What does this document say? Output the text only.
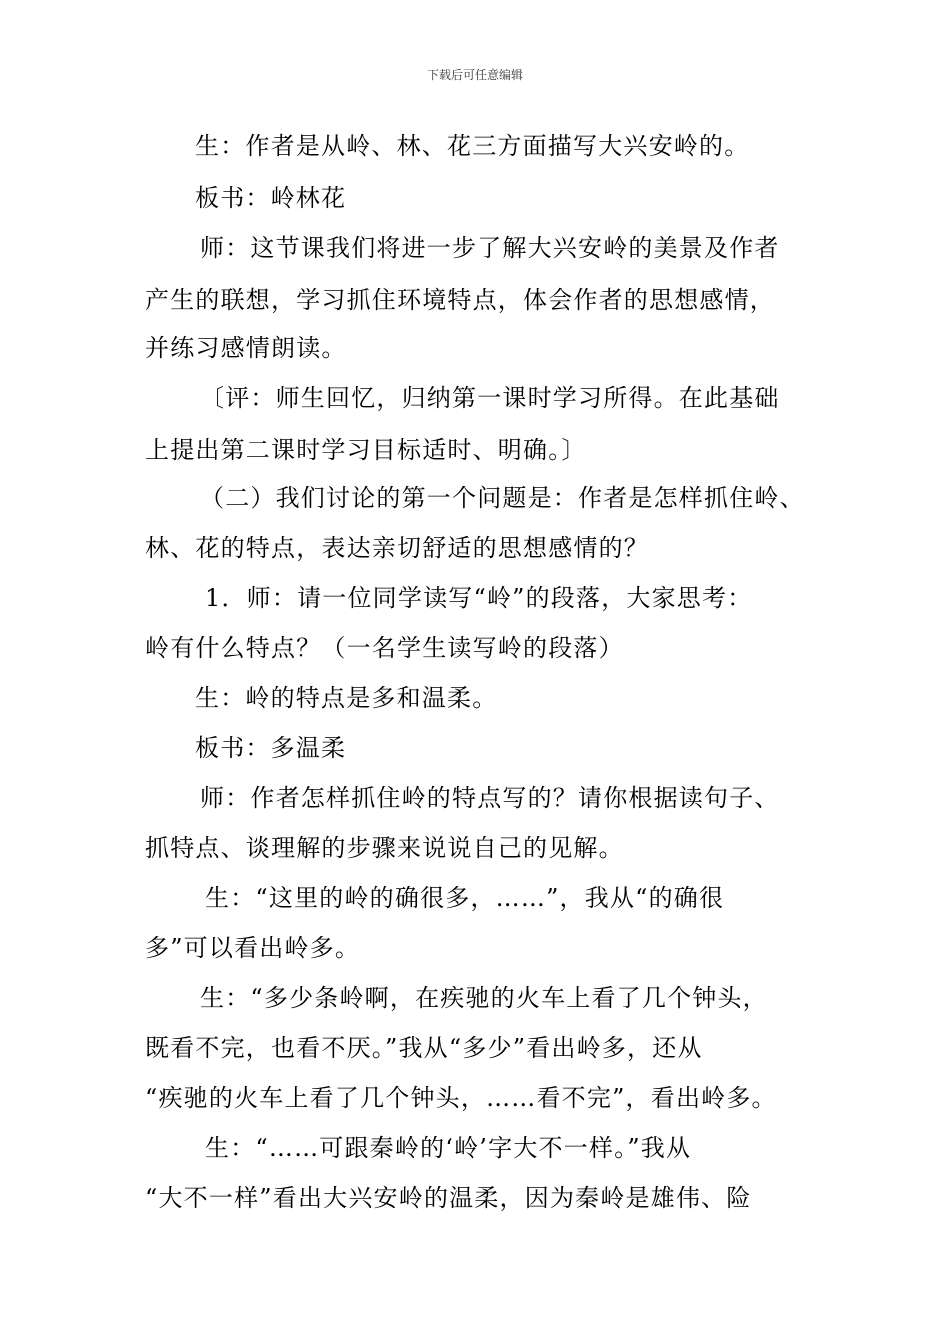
下载后可任意编辑
生：作者是从岭、林、花三方面描写大兴安岭的。
板书：岭林花
师：这节课我们将进一步了解大兴安岭的美景及作者
产生的联想，学习抓住环境特点，体会作者的思想感情，
并练习感情朗读。
〔评：师生回忆，归纳第一课时学习所得。在此基础
上提出第二课时学习目标适时、明确。〕
（二）我们讨论的第一个问题是：作者是怎样抓住岭、
林、花的特点，表达亲切舒适的思想感情的？
1．师：请一位同学读写“岭”的段落，大家思考：
岭有什么特点？（一名学生读写岭的段落）
生：岭的特点是多和温柔。
板书：多温柔
师：作者怎样抓住岭的特点写的？请你根据读句子、
抓特点、谈理解的步骤来说说自己的见解。
生：“这里的岭的确很多，……”，我从“的确很
多”可以看出岭多。
生：“多少条岭啊，在疾驰的火车上看了几个钟头，
既看不完，也看不厌。”我从“多少”看出岭多，还从
“疾驰的火车上看了几个钟头，……看不完”，看出岭多。
生：“……可跟秦岭的‘岭’字大不一样。”我从
“大不一样”看出大兴安岭的温柔，因为秦岭是雄伟、险
